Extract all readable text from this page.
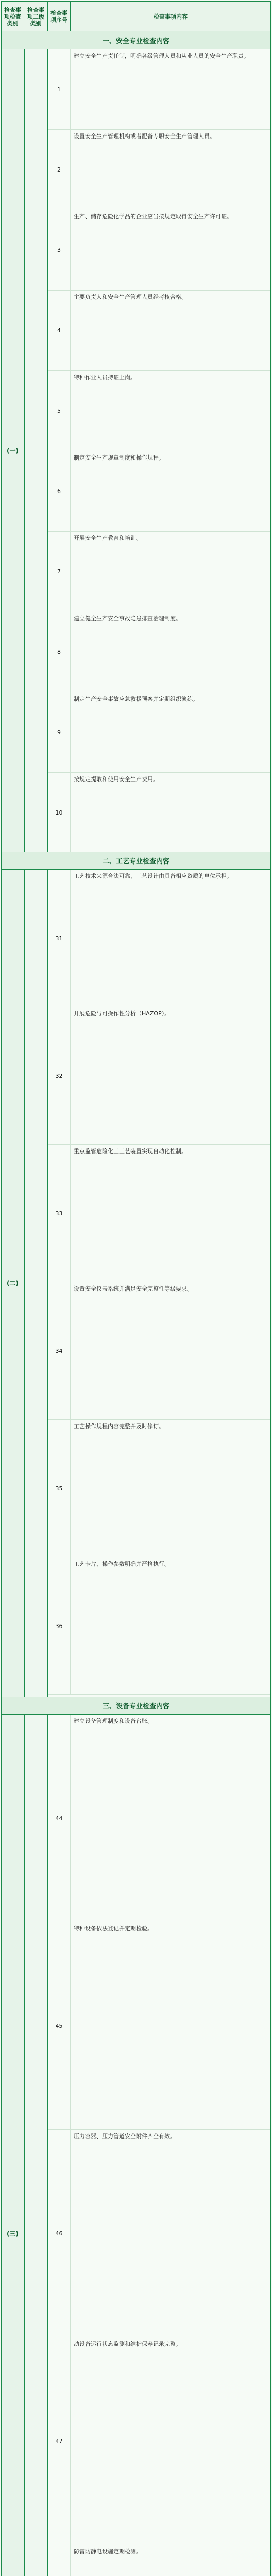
检查事项检查类别
检查事项二级类别
检查事项序号	检查事项内容
一、安全专业检查内容
(一)
1
建立安全生产责任制，明确各级管理人员和从业人员的安全生产职责。
2
设置安全生产管理机构或者配备专职安全生产管理人员。
3
生产、储存危险化学品的企业应当按规定取得安全生产许可证。
4
主要负责人和安全生产管理人员经考核合格。
5
特种作业人员持证上岗。
6
制定安全生产规章制度和操作规程。
7
开展安全生产教育和培训。
8
建立健全生产安全事故隐患排查治理制度。
9
制定生产安全事故应急救援预案并定期组织演练。
10
按规定提取和使用安全生产费用。
二、工艺专业检查内容
(二)
31
工艺技术来源合法可靠，工艺设计由具备相应资质的单位承担。
32
开展危险与可操作性分析（HAZOP）。
33
重点监管危险化工工艺装置实现自动化控制。
34
设置安全仪表系统并满足安全完整性等级要求。
35
工艺操作规程内容完整并及时修订。
36
工艺卡片、操作参数明确并严格执行。
三、设备专业检查内容
(三)
44
建立设备管理制度和设备台账。
45
特种设备依法登记并定期检验。
46
压力容器、压力管道安全附件齐全有效。
47
动设备运行状态监测和维护保养记录完整。
防雷防静电设施定期检测。
